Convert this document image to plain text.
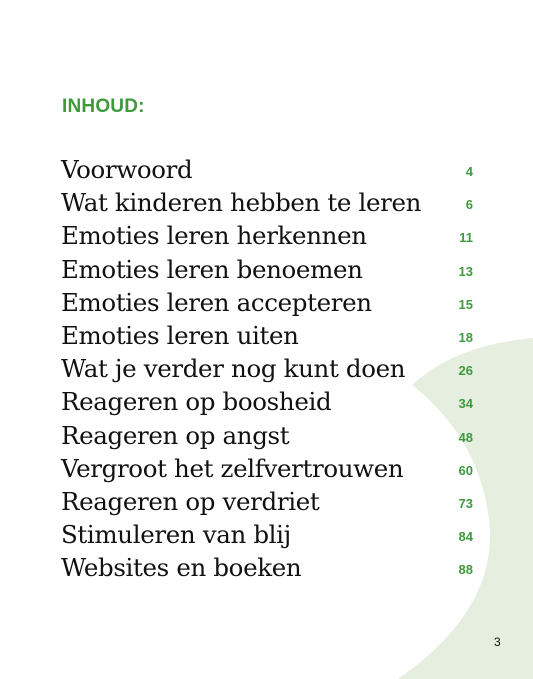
INHOUD:
Voorwoord	4
Wat kinderen hebben te leren	6
Emoties leren herkennen	11
Emoties leren benoemen	13
Emoties leren accepteren	15
Emoties leren uiten	18
Wat je verder nog kunt doen	26
Reageren op boosheid	34
Reageren op angst	48
Vergroot het zelfvertrouwen	60
Reageren op verdriet	73
Stimuleren van blij	84
Websites en boeken	88
3
